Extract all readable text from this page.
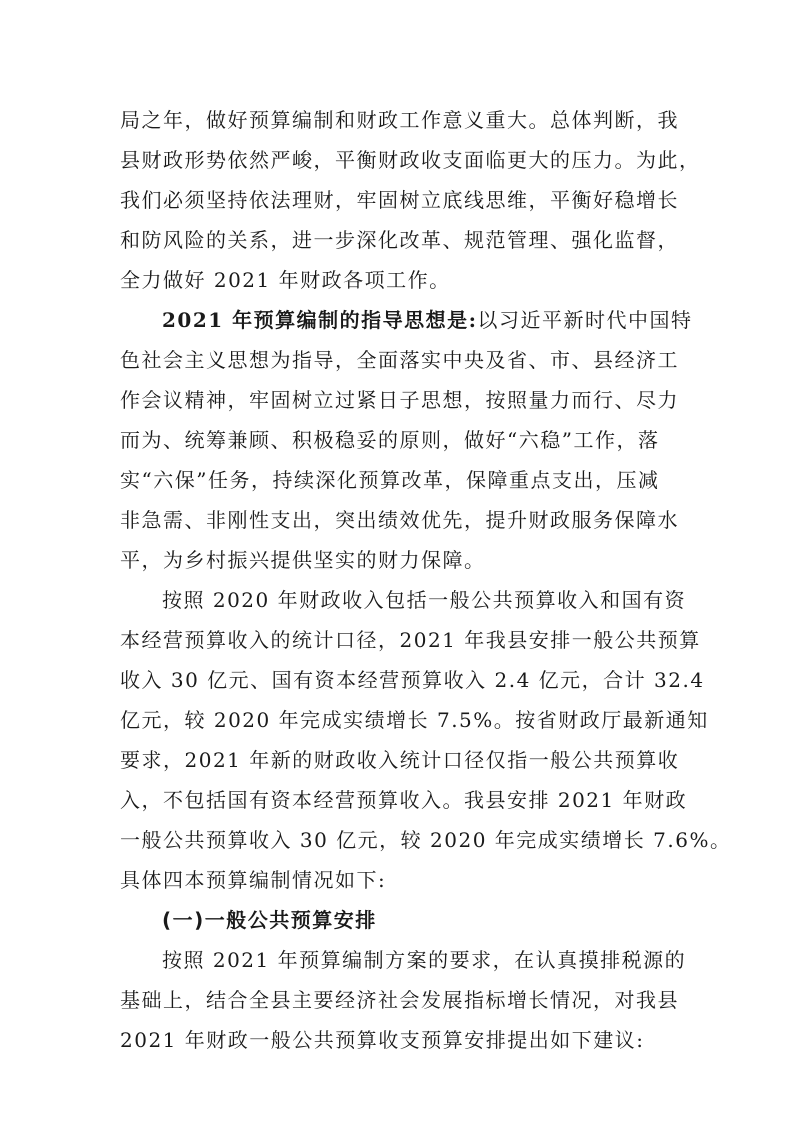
局之年，做好预算编制和财政工作意义重大。总体判断，我
县财政形势依然严峻，平衡财政收支面临更大的压力。为此，
我们必须坚持依法理财，牢固树立底线思维，平衡好稳增长
和防风险的关系，进一步深化改革、规范管理、强化监督，
全力做好 2021 年财政各项工作。
2021 年预算编制的指导思想是:以习近平新时代中国特
色社会主义思想为指导，全面落实中央及省、市、县经济工
作会议精神，牢固树立过紧日子思想，按照量力而行、尽力
而为、统筹兼顾、积极稳妥的原则，做好“六稳”工作，落
实“六保”任务，持续深化预算改革，保障重点支出，压减
非急需、非刚性支出，突出绩效优先，提升财政服务保障水
平，为乡村振兴提供坚实的财力保障。
按照 2020 年财政收入包括一般公共预算收入和国有资
本经营预算收入的统计口径，2021 年我县安排一般公共预算
收入 30 亿元、国有资本经营预算收入 2.4 亿元，合计 32.4
亿元，较 2020 年完成实绩增长 7.5%。按省财政厅最新通知
要求，2021 年新的财政收入统计口径仅指一般公共预算收
入，不包括国有资本经营预算收入。我县安排 2021 年财政
一般公共预算收入 30 亿元，较 2020 年完成实绩增长 7.6%。
具体四本预算编制情况如下:
(一)一般公共预算安排
按照 2021 年预算编制方案的要求，在认真摸排税源的
基础上，结合全县主要经济社会发展指标增长情况，对我县
2021 年财政一般公共预算收支预算安排提出如下建议:
